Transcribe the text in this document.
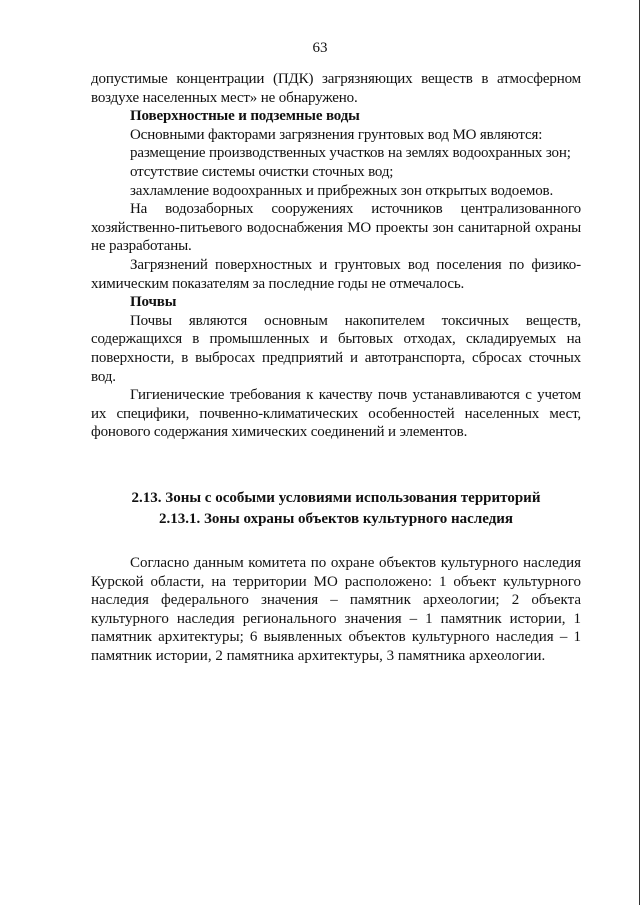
63

допустимые концентрации (ПДК) загрязняющих веществ в атмосферном воздухе населенных мест» не обнаружено.

Поверхностные и подземные воды

Основными факторами загрязнения грунтовых вод МО являются:

размещение производственных участков на землях водоохранных зон;

отсутствие системы очистки сточных вод;

захламление водоохранных и прибрежных зон открытых водоемов.

На водозаборных сооружениях источников централизованного хозяйственно-питьевого водоснабжения МО проекты зон санитарной охраны не разработаны.

Загрязнений поверхностных и грунтовых вод поселения по физико-химическим показателям за последние годы не отмечалось.

Почвы

Почвы являются основным накопителем токсичных веществ, содержащихся в промышленных и бытовых отходах, складируемых на поверхности, в выбросах предприятий и автотранспорта, сбросах сточных вод.

Гигиенические требования к качеству почв устанавливаются с учетом их специфики, почвенно-климатических особенностей населенных мест, фонового содержания химических соединений и элементов.

2.13. Зоны с особыми условиями использования территорий
2.13.1. Зоны охраны объектов культурного наследия

Согласно данным комитета по охране объектов культурного наследия Курской области, на территории МО расположено: 1 объект культурного наследия федерального значения – памятник археологии; 2 объекта культурного наследия регионального значения – 1 памятник истории, 1 памятник архитектуры; 6 выявленных объектов культурного наследия – 1 памятник истории, 2 памятника архитектуры, 3 памятника археологии.
